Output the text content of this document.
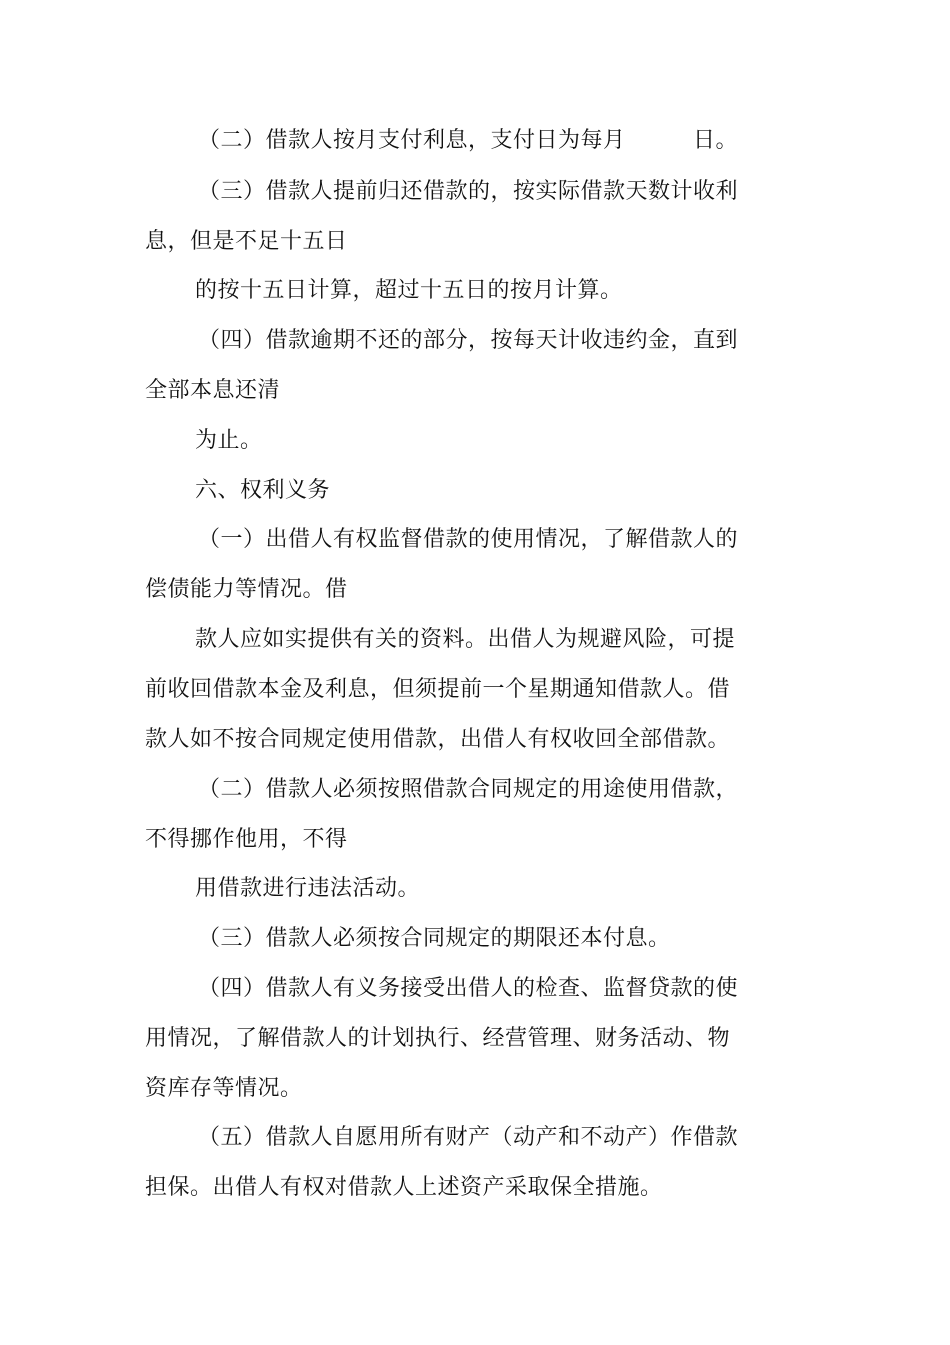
（二）借款人按月支付利息，支付日为每月　　　日。
（三）借款人提前归还借款的，按实际借款天数计收利
息，但是不足十五日
的按十五日计算，超过十五日的按月计算。
（四）借款逾期不还的部分，按每天计收违约金，直到
全部本息还清
为止。
六、权利义务
（一）出借人有权监督借款的使用情况，了解借款人的
偿债能力等情况。借
款人应如实提供有关的资料。出借人为规避风险，可提
前收回借款本金及利息，但须提前一个星期通知借款人。借
款人如不按合同规定使用借款，出借人有权收回全部借款。
（二）借款人必须按照借款合同规定的用途使用借款，
不得挪作他用，不得
用借款进行违法活动。
（三）借款人必须按合同规定的期限还本付息。
（四）借款人有义务接受出借人的检查、监督贷款的使
用情况，了解借款人的计划执行、经营管理、财务活动、物
资库存等情况。
（五）借款人自愿用所有财产（动产和不动产）作借款
担保。出借人有权对借款人上述资产采取保全措施。
